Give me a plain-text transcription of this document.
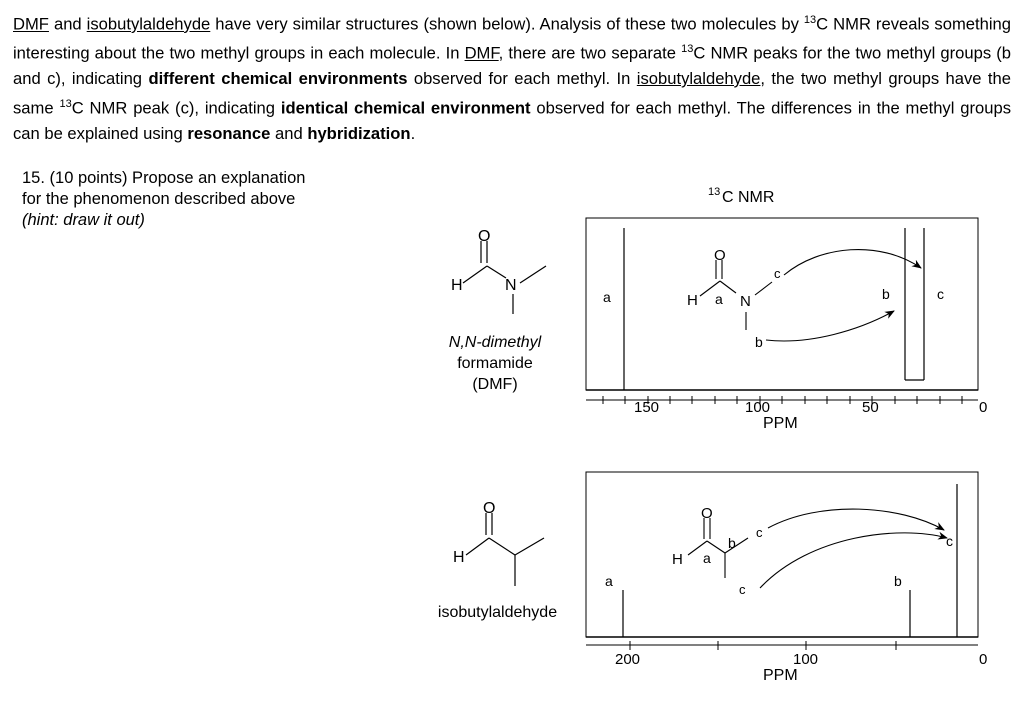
DMF and isobutylaldehyde have very similar structures (shown below). Analysis of these two molecules by $^{13}$C NMR reveals something interesting about the two methyl groups in each molecule. In DMF, there are two separate $^{13}$C NMR peaks for the two methyl groups (b and c), indicating different chemical environments observed for each methyl. In isobutylaldehyde, the two methyl groups have the same $^{13}$C NMR peak (c), indicating identical chemical environment observed for each methyl. The differences in the methyl groups can be explained using resonance and hybridization.
15. (10 points) Propose an explanation
for the phenomenon described above
(hint: draw it out)
N,N-dimethyl
formamide
(DMF)
isobutylaldehyde
O
H	N
O
H
13 C NMR
150	100	50	0
PPM
a	b	c
O
H a N
c
b
200	100	0
PPM
a	b
c
O
H a
b
c
c
